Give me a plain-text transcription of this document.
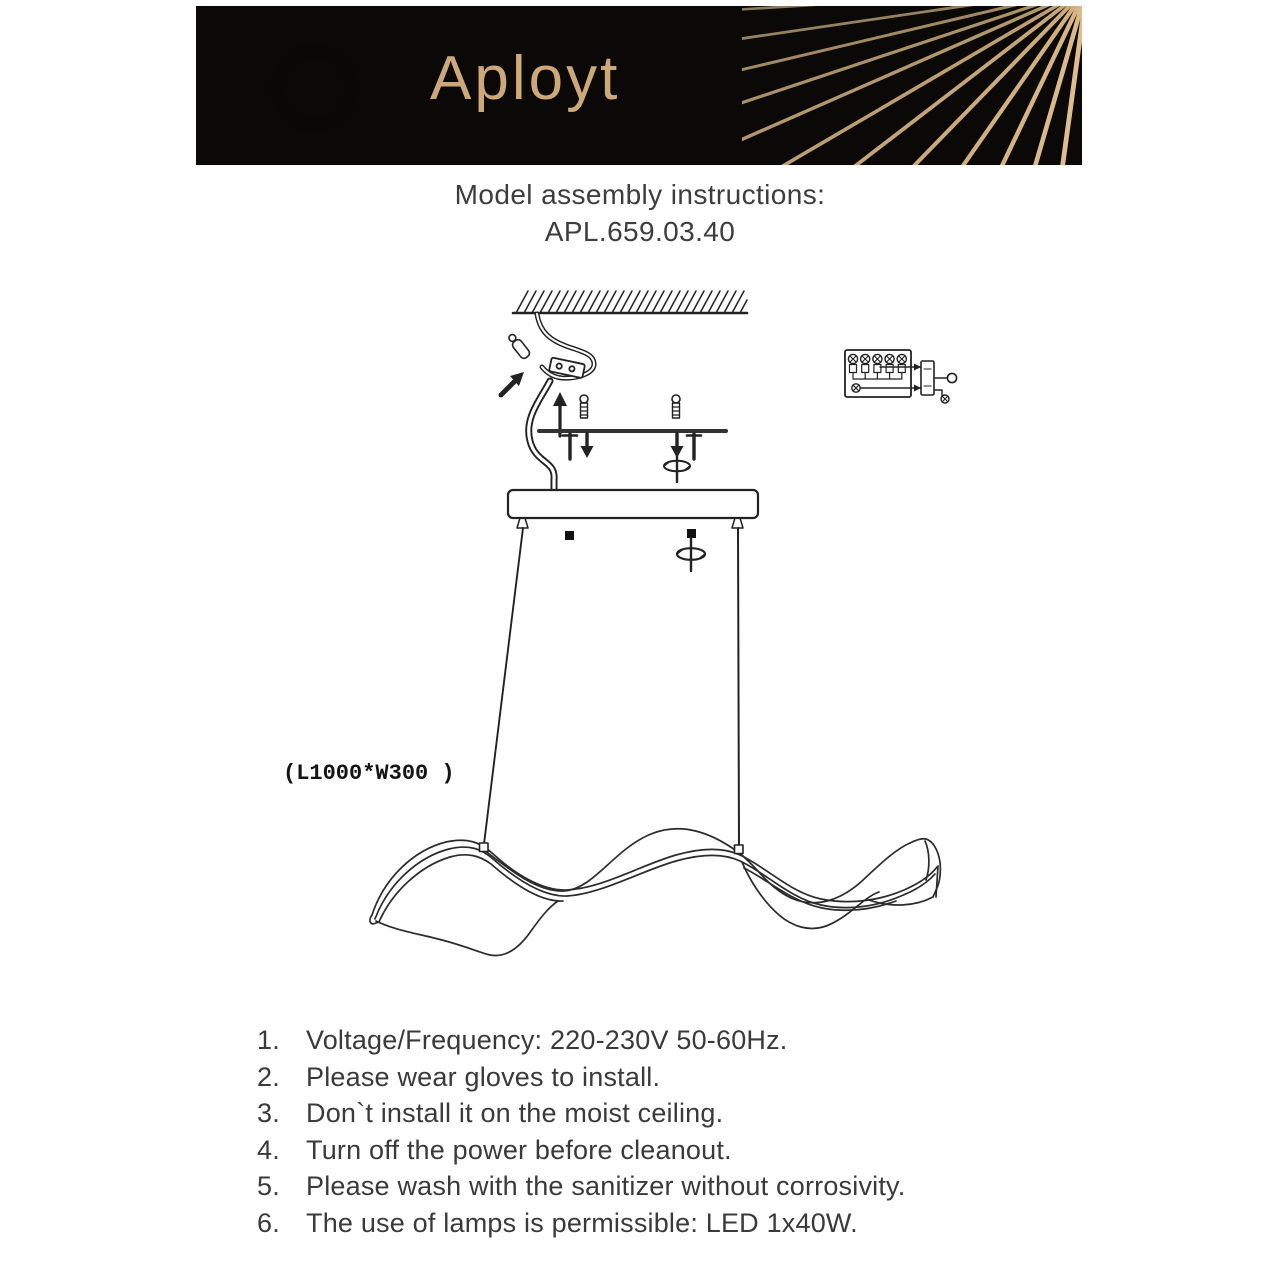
Aployt
Model assembly instructions:
APL.659.03.40
(L1000*W300 )
1. Voltage/Frequency: 220-230V 50-60Hz.
2. Please wear gloves to install.
3. Don`t install it on the moist ceiling.
4. Turn off the power before cleanout.
5. Please wash with the sanitizer without corrosivity.
6. The use of lamps is permissible: LED 1x40W.
